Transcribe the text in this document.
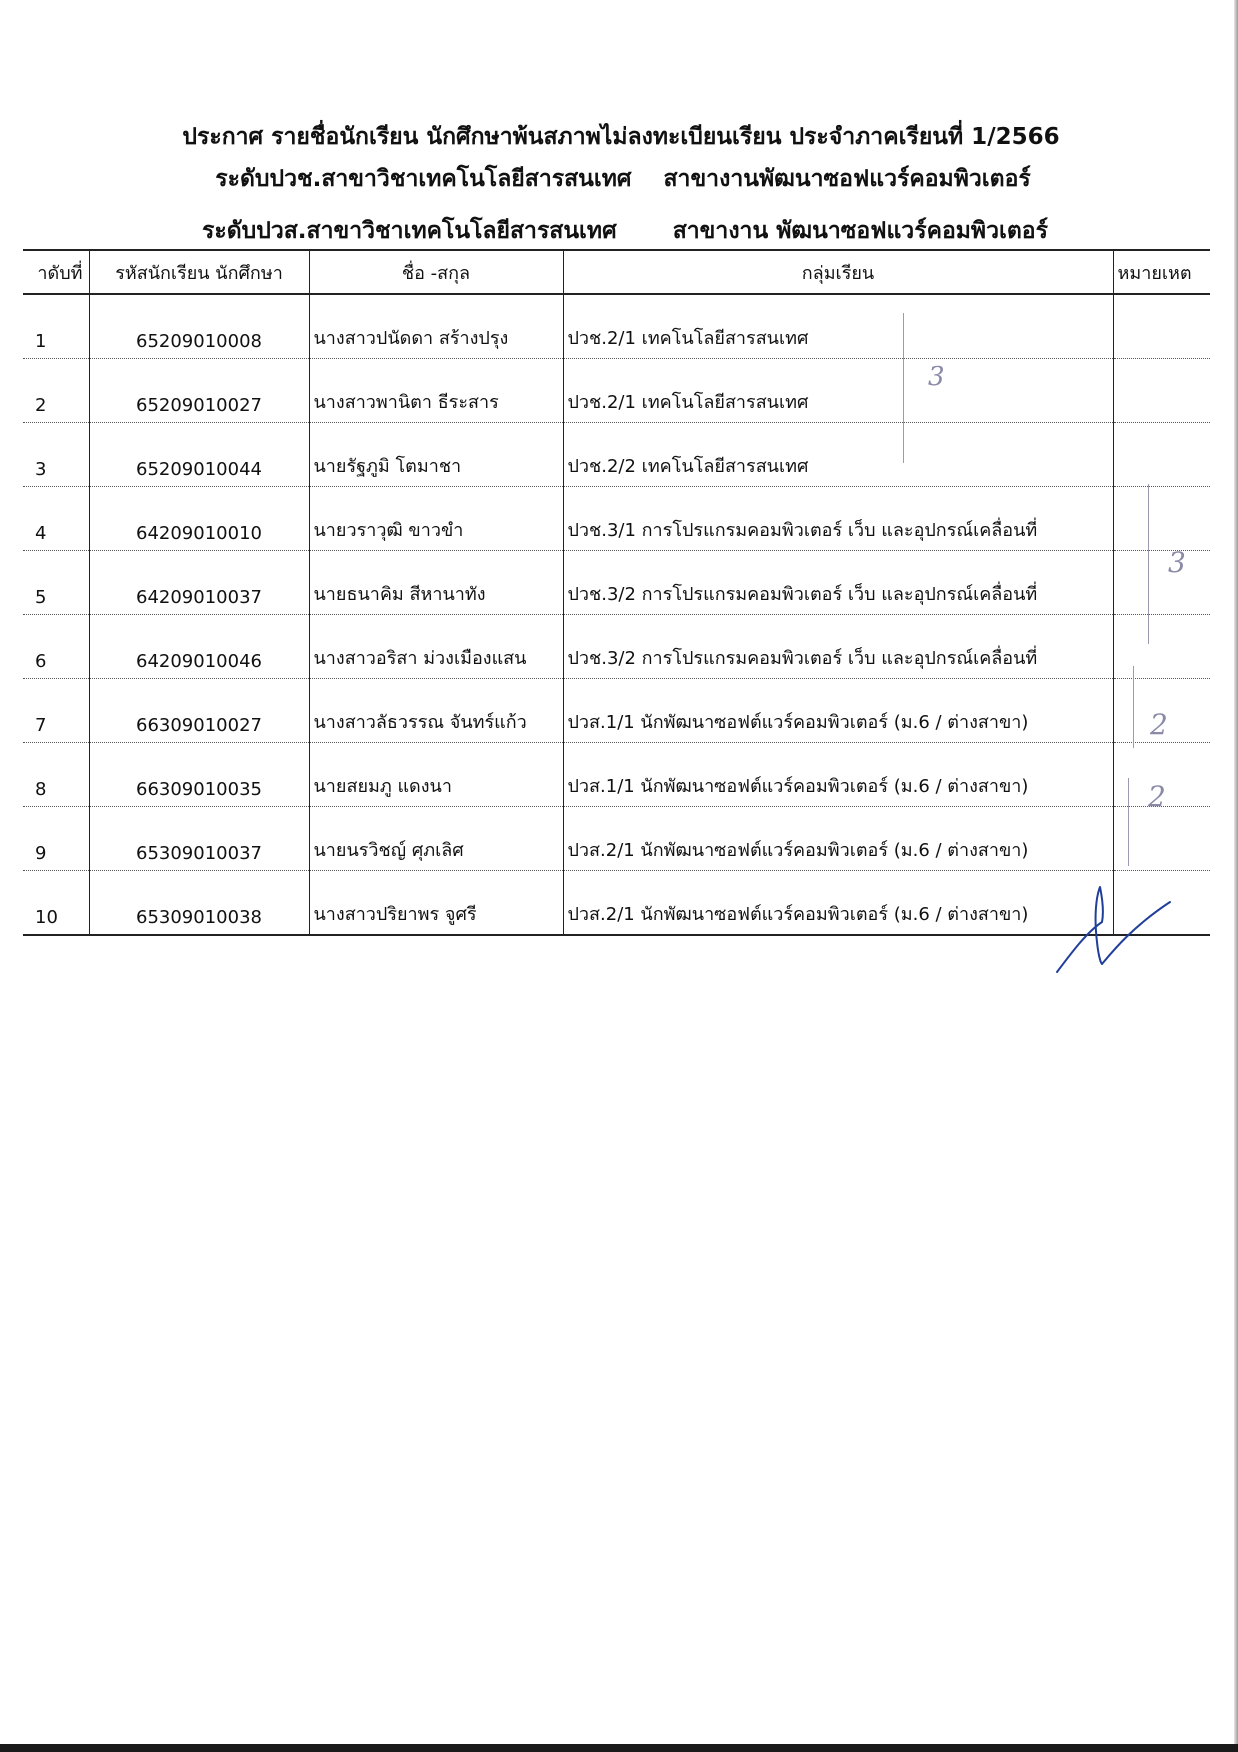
ประกาศ รายชื่อนักเรียน นักศึกษาพ้นสภาพไม่ลงทะเบียนเรียน ประจำภาคเรียนที่ 1/2566
ระดับปวช.สาขาวิชาเทคโนโลยีสารสนเทศ    สาขางานพัฒนาซอฟแวร์คอมพิวเตอร์
ระดับปวส.สาขาวิชาเทคโนโลยีสารสนเทศ       สาขางาน พัฒนาซอฟแวร์คอมพิวเตอร์
าดับที่	รหัสนักเรียน นักศึกษา	ชื่อ -สกุล	กลุ่มเรียน	หมายเหต
1	65209010008	นางสาวปนัดดา สร้างปรุง	ปวช.2/1 เทคโนโลยีสารสนเทศ	
2	65209010027	นางสาวพานิตา ธีระสาร	ปวช.2/1 เทคโนโลยีสารสนเทศ	
3	65209010044	นายรัฐภูมิ โตมาชา	ปวช.2/2 เทคโนโลยีสารสนเทศ	
4	64209010010	นายวราวุฒิ ขาวขำ	ปวช.3/1 การโปรแกรมคอมพิวเตอร์ เว็บ และอุปกรณ์เคลื่อนที่	
5	64209010037	นายธนาคิม สีหานาทัง	ปวช.3/2 การโปรแกรมคอมพิวเตอร์ เว็บ และอุปกรณ์เคลื่อนที่	
6	64209010046	นางสาวอริสา ม่วงเมืองแสน	ปวช.3/2 การโปรแกรมคอมพิวเตอร์ เว็บ และอุปกรณ์เคลื่อนที่	
7	66309010027	นางสาวลัธวรรณ จันทร์แก้ว	ปวส.1/1 นักพัฒนาซอฟต์แวร์คอมพิวเตอร์ (ม.6 / ต่างสาขา)	
8	66309010035	นายสยมภู แดงนา	ปวส.1/1 นักพัฒนาซอฟต์แวร์คอมพิวเตอร์ (ม.6 / ต่างสาขา)	
9	65309010037	นายนรวิชญ์ ศุภเลิศ	ปวส.2/1 นักพัฒนาซอฟต์แวร์คอมพิวเตอร์ (ม.6 / ต่างสาขา)	
10	65309010038	นางสาวปริยาพร จูศรี	ปวส.2/1 นักพัฒนาซอฟต์แวร์คอมพิวเตอร์ (ม.6 / ต่างสาขา)	
3
3
2
2
